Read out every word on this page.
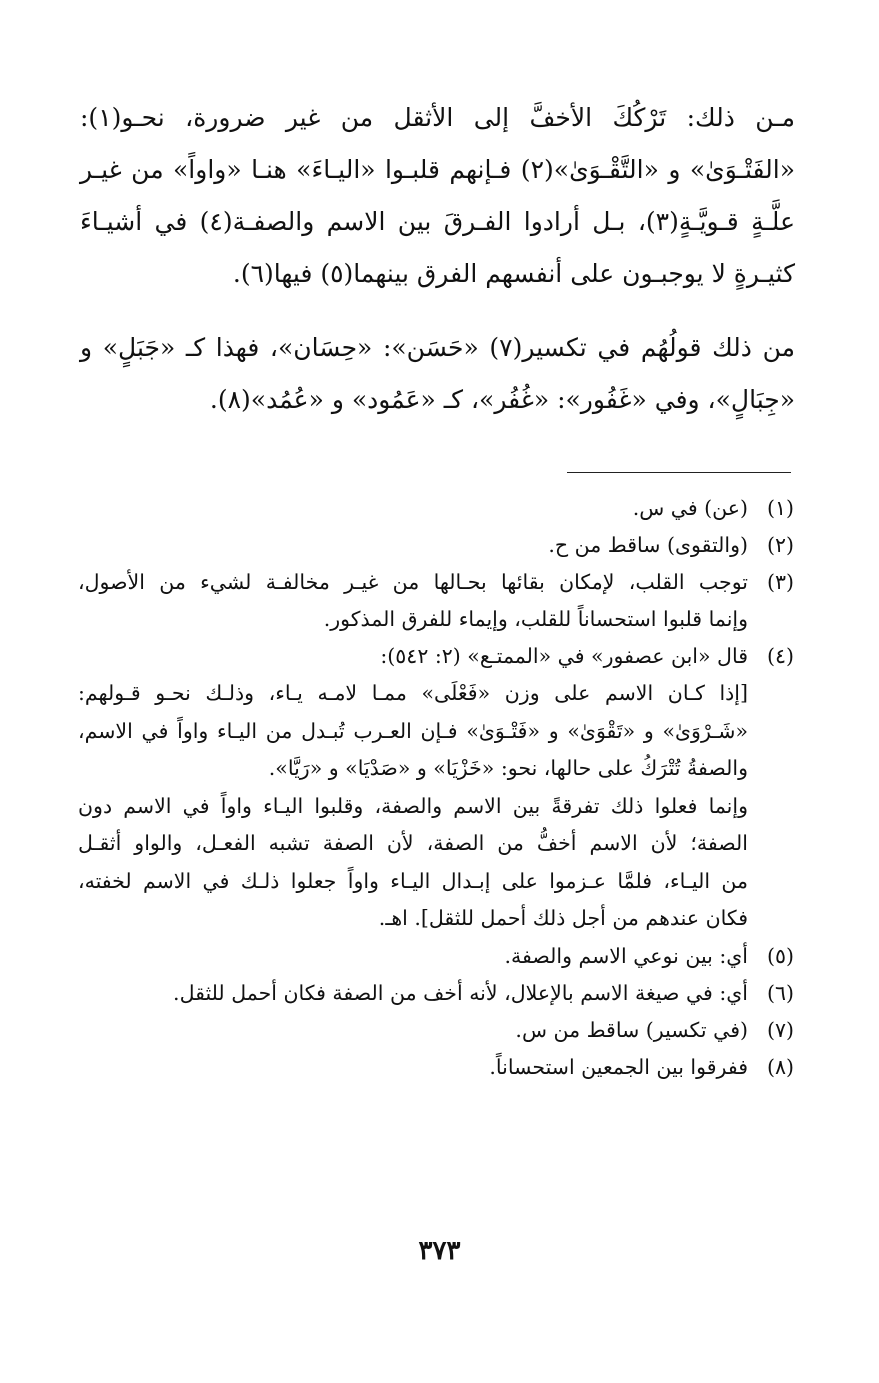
مـن ذلك: تَرْكُكَ الأخفَّ إلى الأثقل من غير ضرورة، نحـو(١): «الفَتْـوَىٰ» و «التَّقْـوَىٰ»(٢) فـإنهم قلبـوا «اليـاءَ» هنـا «واواً» من غيـر علَّـةٍ قـويَّـةٍ(٣)، بـل أرادوا الفـرقَ بين الاسم والصفـة(٤) في أشيـاءَ كثيـرةٍ لا يوجبـون على أنفسهم الفرق بينهما(٥) فيها(٦).

من ذلك قولُهُم في تكسير(٧) «حَسَن»: «حِسَان»، فهذا كـ «جَبَلٍ» و «جِبَالٍ»، وفي «غَفُور»: «غُفُر»، كـ «عَمُود» و «عُمُد»(٨).

(١)
(عن) في س.
(٢)
(والتقوى) ساقط من ح.
(٣)
توجب القلب، لإمكان بقائها بحـالها من غيـر مخالفـة لشيء من الأصول،
وإنما قلبوا استحساناً للقلب، وإيماء للفرق المذكور.
(٤)
قال «ابن عصفور» في «الممتـع» (٢: ٥٤٢):
[إذا كـان الاسم على وزن «فَعْلَى» ممـا لامـه يـاء، وذلـك نحـو قـولهم:
«شَـرْوَىٰ» و «تَقْوَىٰ» و «فَتْـوَىٰ» فـإن العـرب تُبـدل من اليـاء واواً في الاسم،
والصفةُ تُتْرَكُ على حالها، نحو: «خَزْيَا» و «صَدْيَا» و «رَيَّا».
وإنما فعلوا ذلك تفرقةً بين الاسم والصفة، وقلبوا اليـاء واواً في الاسم دون
الصفة؛ لأن الاسم أخفُّ من الصفة، لأن الصفة تشبه الفعـل، والواو أثقـل
من اليـاء، فلمَّا عـزموا على إبـدال اليـاء واواً جعلوا ذلـك في الاسم لخفته،
فكان عندهم من أجل ذلك أحمل للثقل]. اهـ.
(٥)
أي: بين نوعي الاسم والصفة.
(٦)
أي: في صيغة الاسم بالإعلال، لأنه أخف من الصفة فكان أحمل للثقل.
(٧)
(في تكسير) ساقط من س.
(٨)
ففرقوا بين الجمعين استحساناً.
٣٧٣
